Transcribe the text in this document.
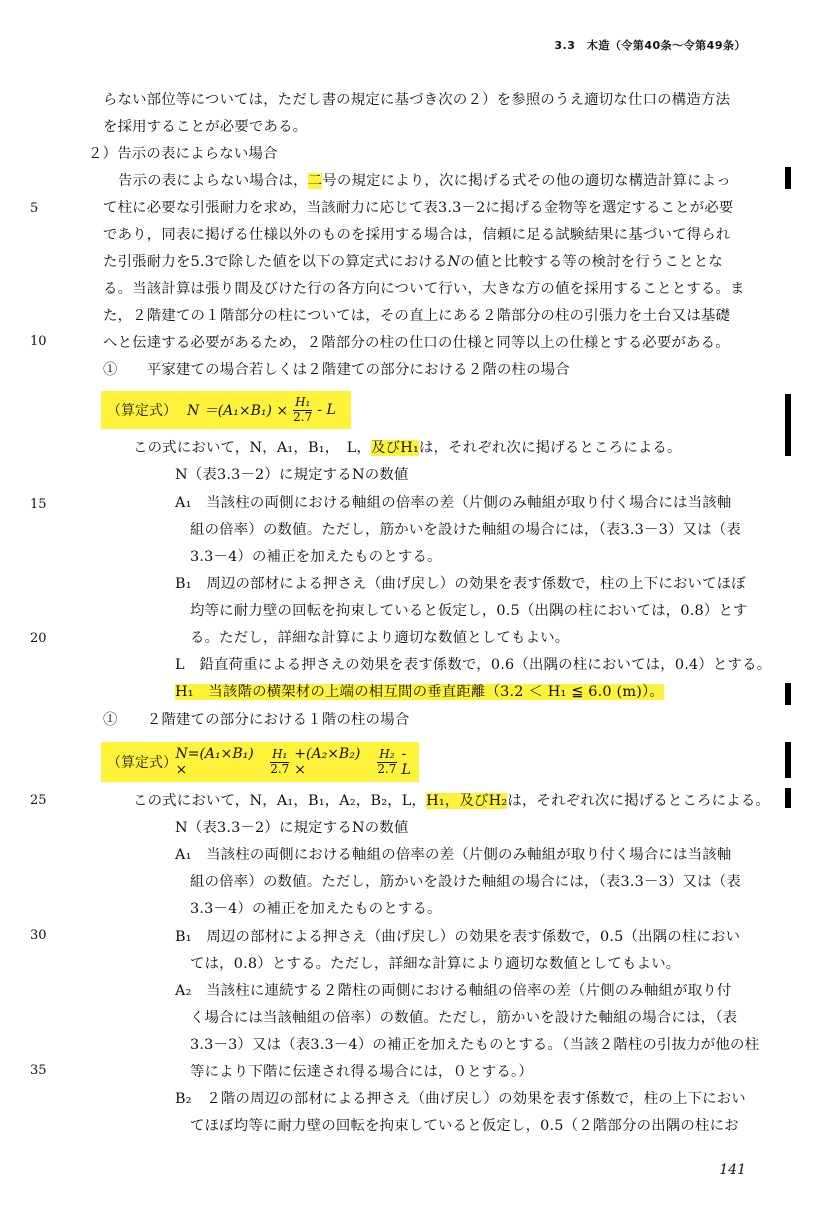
3.3　木造（令第40条～令第49条）
5
10
15
20
25
30
35
らない部位等については，ただし書の規定に基づき次の２）を参照のうえ適切な仕口の構造方法
を採用することが必要である。
２）告示の表によらない場合
告示の表によらない場合は，二号の規定により，次に掲げる式その他の適切な構造計算によっ
て柱に必要な引張耐力を求め，当該耐力に応じて表3.3－2に掲げる金物等を選定することが必要
であり，同表に掲げる仕様以外のものを採用する場合は，信頼に足る試験結果に基づいて得られ
た引張耐力を5.3で除した値を以下の算定式におけるNの値と比較する等の検討を行うこととな
る。当該計算は張り間及びけた行の各方向について行い，大きな方の値を採用することとする。ま
た，２階建ての１階部分の柱については，その直上にある２階部分の柱の引張力を土台又は基礎
へと伝達する必要があるため，２階部分の柱の仕口の仕様と同等以上の仕様とする必要がある。
①　　平家建ての場合若しくは２階建ての部分における２階の柱の場合
（算定式） $N =(A_1\times B_1) \times \frac{\text{H₁}}{2.7} - L$
この式において，N，A₁，B₁，　L，及びH₁は，それぞれ次に掲げるところによる。
N（表3.3－2）に規定するNの数値
A₁　当該柱の両側における軸組の倍率の差（片側のみ軸組が取り付く場合には当該軸
組の倍率）の数値。ただし，筋かいを設けた軸組の場合には，（表3.3－3）又は（表
3.3－4）の補正を加えたものとする。
B₁　周辺の部材による押さえ（曲げ戻し）の効果を表す係数で，柱の上下においてほぼ
均等に耐力壁の回転を拘束していると仮定し，0.5（出隅の柱においては，0.8）とす
る。ただし，詳細な計算により適切な数値としてもよい。
L　鉛直荷重による押さえの効果を表す係数で，0.6（出隅の柱においては，0.4）とする。
H₁　当該階の横架材の上端の相互間の垂直距離（3.2 ＜ H₁ ≦ 6.0 (m)）。
①　　２階建ての部分における１階の柱の場合
（算定式）
N=(A₁×B₁) ×	$\frac{\text{H₁}}{2.7} +(A_2\times B_2)$ ×	$\frac{\text{H₂}}{2.7}$ - L
この式において，N，A₁，B₁，A₂，B₂，L，H₁，及びH₂は，それぞれ次に掲げるところによる。
N（表3.3－2）に規定するNの数値
A₁　当該柱の両側における軸組の倍率の差（片側のみ軸組が取り付く場合には当該軸
組の倍率）の数値。ただし，筋かいを設けた軸組の場合には，（表3.3－3）又は（表
3.3－4）の補正を加えたものとする。
B₁　周辺の部材による押さえ（曲げ戻し）の効果を表す係数で，0.5（出隅の柱におい
ては，0.8）とする。ただし，詳細な計算により適切な数値としてもよい。
A₂　当該柱に連続する２階柱の両側における軸組の倍率の差（片側のみ軸組が取り付
く場合には当該軸組の倍率）の数値。ただし，筋かいを設けた軸組の場合には，（表
3.3－3）又は（表3.3－4）の補正を加えたものとする。（当該２階柱の引抜力が他の柱
等により下階に伝達され得る場合には，０とする。）
B₂　２階の周辺の部材による押さえ（曲げ戻し）の効果を表す係数で，柱の上下におい
てほぼ均等に耐力壁の回転を拘束していると仮定し，0.5（２階部分の出隅の柱にお
141
